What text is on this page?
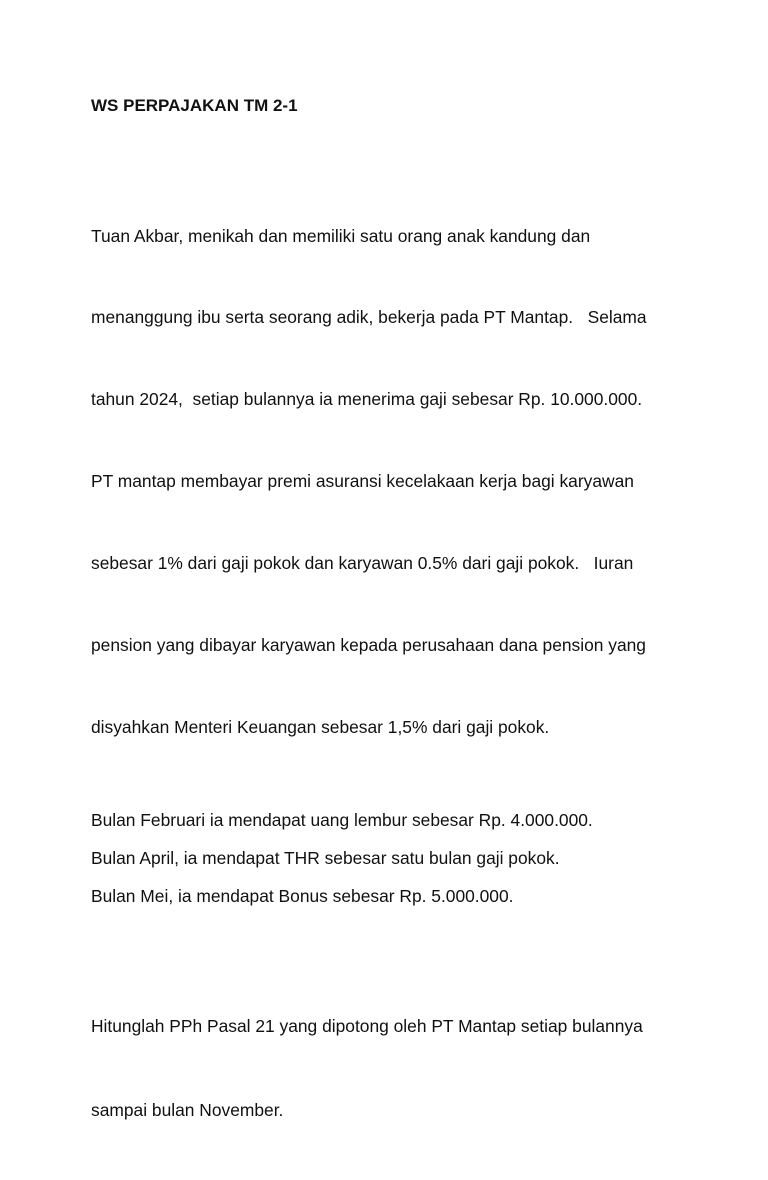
WS PERPAJAKAN TM 2-1

Tuan Akbar, menikah dan memiliki satu orang anak kandung dan

menanggung ibu serta seorang adik, bekerja pada PT Mantap.   Selama

tahun 2024,  setiap bulannya ia menerima gaji sebesar Rp. 10.000.000.

PT mantap membayar premi asuransi kecelakaan kerja bagi karyawan

sebesar 1% dari gaji pokok dan karyawan 0.5% dari gaji pokok.   Iuran

pension yang dibayar karyawan kepada perusahaan dana pension yang

disyahkan Menteri Keuangan sebesar 1,5% dari gaji pokok.

Bulan Februari ia mendapat uang lembur sebesar Rp. 4.000.000.
Bulan April, ia mendapat THR sebesar satu bulan gaji pokok.
Bulan Mei, ia mendapat Bonus sebesar Rp. 5.000.000.

Hitunglah PPh Pasal 21 yang dipotong oleh PT Mantap setiap bulannya

sampai bulan November.
